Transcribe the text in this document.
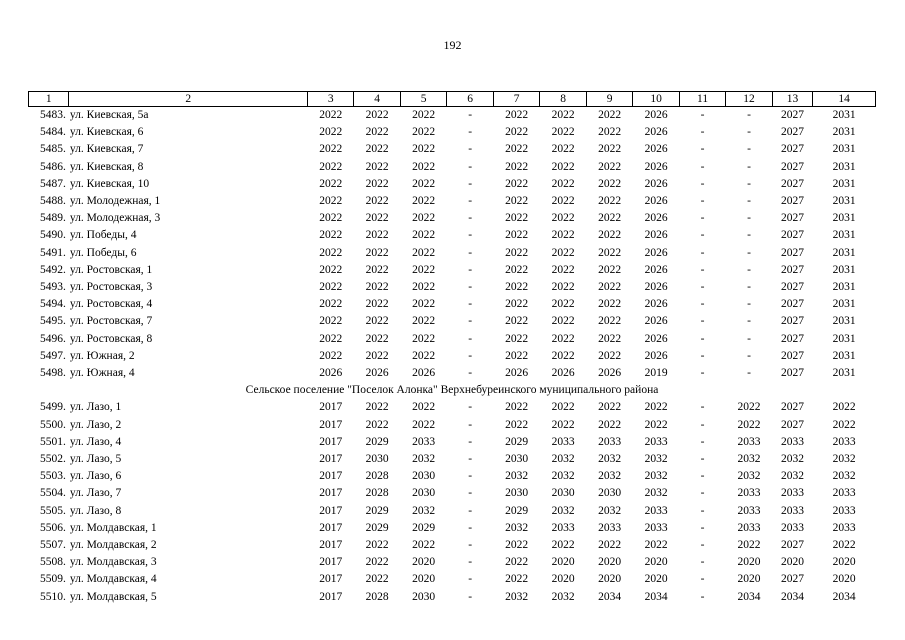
192
1	2	3	4	5	6	7	8	9	10	11	12	13	14
5483.	ул. Киевская, 5а	2022	2022	2022	-	2022	2022	2022	2026	-	-	2027	2031
5484.	ул. Киевская, 6	2022	2022	2022	-	2022	2022	2022	2026	-	-	2027	2031
5485.	ул. Киевская, 7	2022	2022	2022	-	2022	2022	2022	2026	-	-	2027	2031
5486.	ул. Киевская, 8	2022	2022	2022	-	2022	2022	2022	2026	-	-	2027	2031
5487.	ул. Киевская, 10	2022	2022	2022	-	2022	2022	2022	2026	-	-	2027	2031
5488.	ул. Молодежная, 1	2022	2022	2022	-	2022	2022	2022	2026	-	-	2027	2031
5489.	ул. Молодежная, 3	2022	2022	2022	-	2022	2022	2022	2026	-	-	2027	2031
5490.	ул. Победы, 4	2022	2022	2022	-	2022	2022	2022	2026	-	-	2027	2031
5491.	ул. Победы, 6	2022	2022	2022	-	2022	2022	2022	2026	-	-	2027	2031
5492.	ул. Ростовская, 1	2022	2022	2022	-	2022	2022	2022	2026	-	-	2027	2031
5493.	ул. Ростовская, 3	2022	2022	2022	-	2022	2022	2022	2026	-	-	2027	2031
5494.	ул. Ростовская, 4	2022	2022	2022	-	2022	2022	2022	2026	-	-	2027	2031
5495.	ул. Ростовская, 7	2022	2022	2022	-	2022	2022	2022	2026	-	-	2027	2031
5496.	ул. Ростовская, 8	2022	2022	2022	-	2022	2022	2022	2026	-	-	2027	2031
5497.	ул. Южная, 2	2022	2022	2022	-	2022	2022	2022	2026	-	-	2027	2031
5498.	ул. Южная, 4	2026	2026	2026	-	2026	2026	2026	2019	-	-	2027	2031
Сельское поселение "Поселок Алонка" Верхнебуреинского муниципального района													
5499.	ул. Лазо, 1	2017	2022	2022	-	2022	2022	2022	2022	-	2022	2027	2022
5500.	ул. Лазо, 2	2017	2022	2022	-	2022	2022	2022	2022	-	2022	2027	2022
5501.	ул. Лазо, 4	2017	2029	2033	-	2029	2033	2033	2033	-	2033	2033	2033
5502.	ул. Лазо, 5	2017	2030	2032	-	2030	2032	2032	2032	-	2032	2032	2032
5503.	ул. Лазо, 6	2017	2028	2030	-	2032	2032	2032	2032	-	2032	2032	2032
5504.	ул. Лазо, 7	2017	2028	2030	-	2030	2030	2030	2032	-	2033	2033	2033
5505.	ул. Лазо, 8	2017	2029	2032	-	2029	2032	2032	2033	-	2033	2033	2033
5506.	ул. Молдавская, 1	2017	2029	2029	-	2032	2033	2033	2033	-	2033	2033	2033
5507.	ул. Молдавская, 2	2017	2022	2022	-	2022	2022	2022	2022	-	2022	2027	2022
5508.	ул. Молдавская, 3	2017	2022	2020	-	2022	2020	2020	2020	-	2020	2020	2020
5509.	ул. Молдавская, 4	2017	2022	2020	-	2022	2020	2020	2020	-	2020	2027	2020
5510.	ул. Молдавская, 5	2017	2028	2030	-	2032	2032	2034	2034	-	2034	2034	2034
